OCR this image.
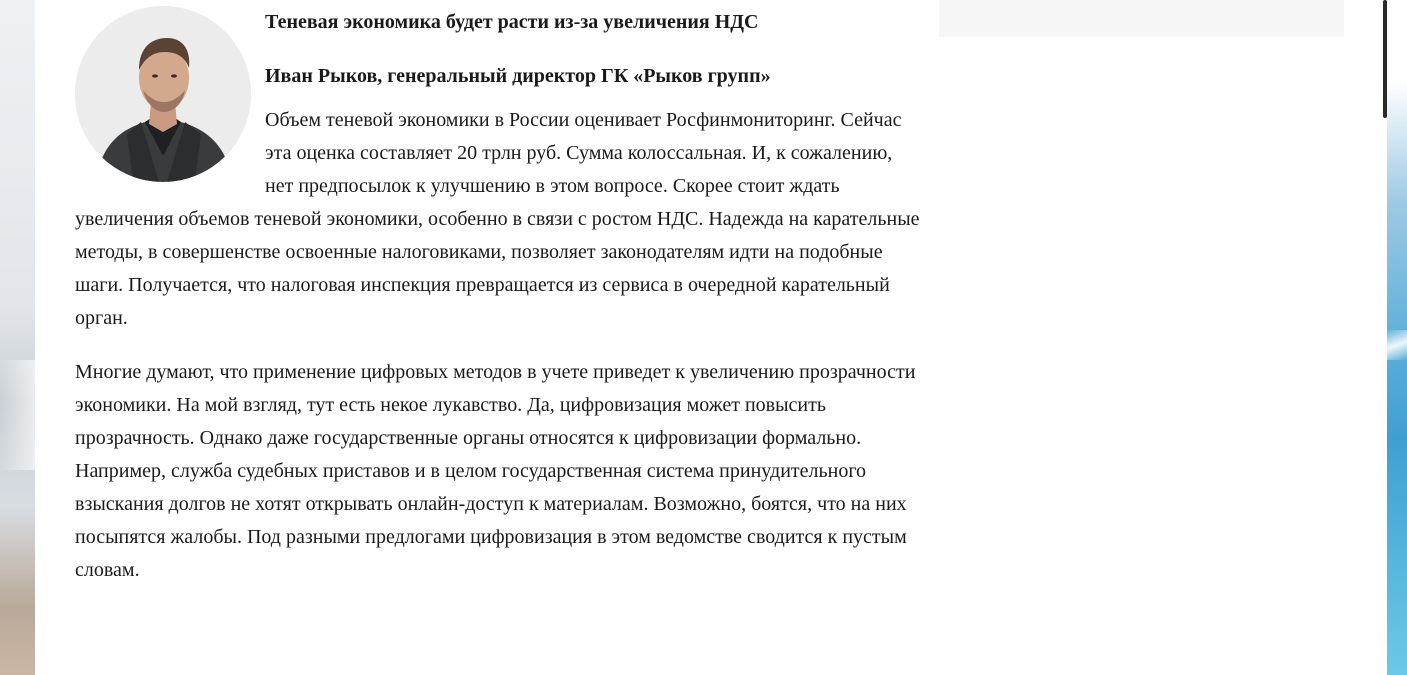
Теневая экономика будет расти из-за увеличения НДС
Иван Рыков, генеральный директор ГК «Рыков групп»

Объем теневой экономики в России оценивает Росфинмониторинг. Сейчас эта оценка составляет 20 трлн руб. Сумма колоссальная. И, к сожалению, нет предпосылок к улучшению в этом вопросе. Скорее стоит ждать увеличения объемов теневой экономики, особенно в связи с ростом НДС. Надежда на карательные методы, в совершенстве освоенные налоговиками, позволяет законодателям идти на подобные шаги. Получается, что налоговая инспекция превращается из сервиса в очередной карательный орган.

Многие думают, что применение цифровых методов в учете приведет к увеличению прозрачности экономики. На мой взгляд, тут есть некое лукавство. Да, цифровизация может повысить прозрачность. Однако даже государственные органы относятся к цифровизации формально. Например, служба судебных приставов и в целом государственная система принудительного взыскания долгов не хотят открывать онлайн-доступ к материалам. Возможно, боятся, что на них посыпятся жалобы. Под разными предлогами цифровизация в этом ведомстве сводится к пустым словам.
